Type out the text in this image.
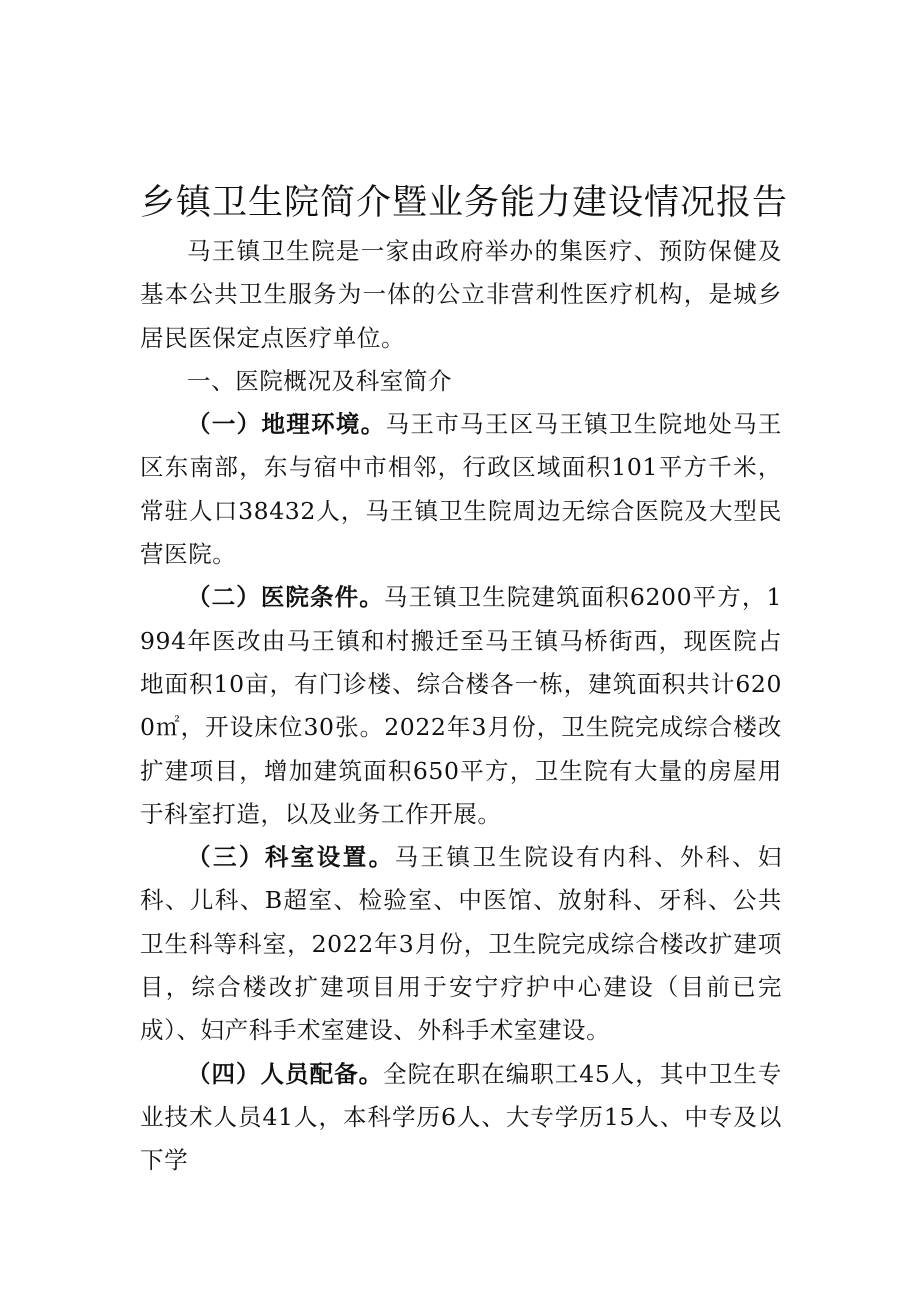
乡镇卫生院简介暨业务能力建设情况报告

马王镇卫生院是一家由政府举办的集医疗、预防保健及基本公共卫生服务为一体的公立非营利性医疗机构，是城乡居民医保定点医疗单位。

一、医院概况及科室简介

（一）地理环境。马王市马王区马王镇卫生院地处马王区东南部，东与宿中市相邻，行政区域面积101平方千米，常驻人口38432人，马王镇卫生院周边无综合医院及大型民营医院。

（二）医院条件。马王镇卫生院建筑面积6200平方，1994年医改由马王镇和村搬迁至马王镇马桥街西，现医院占地面积10亩，有门诊楼、综合楼各一栋，建筑面积共计6200㎡，开设床位30张。2022年3月份，卫生院完成综合楼改扩建项目，增加建筑面积650平方，卫生院有大量的房屋用于科室打造，以及业务工作开展。

（三）科室设置。马王镇卫生院设有内科、外科、妇科、儿科、B超室、检验室、中医馆、放射科、牙科、公共卫生科等科室，2022年3月份，卫生院完成综合楼改扩建项目，综合楼改扩建项目用于安宁疗护中心建设（目前已完成）、妇产科手术室建设、外科手术室建设。

（四）人员配备。全院在职在编职工45人，其中卫生专业技术人员41人，本科学历6人、大专学历15人、中专及以下学
